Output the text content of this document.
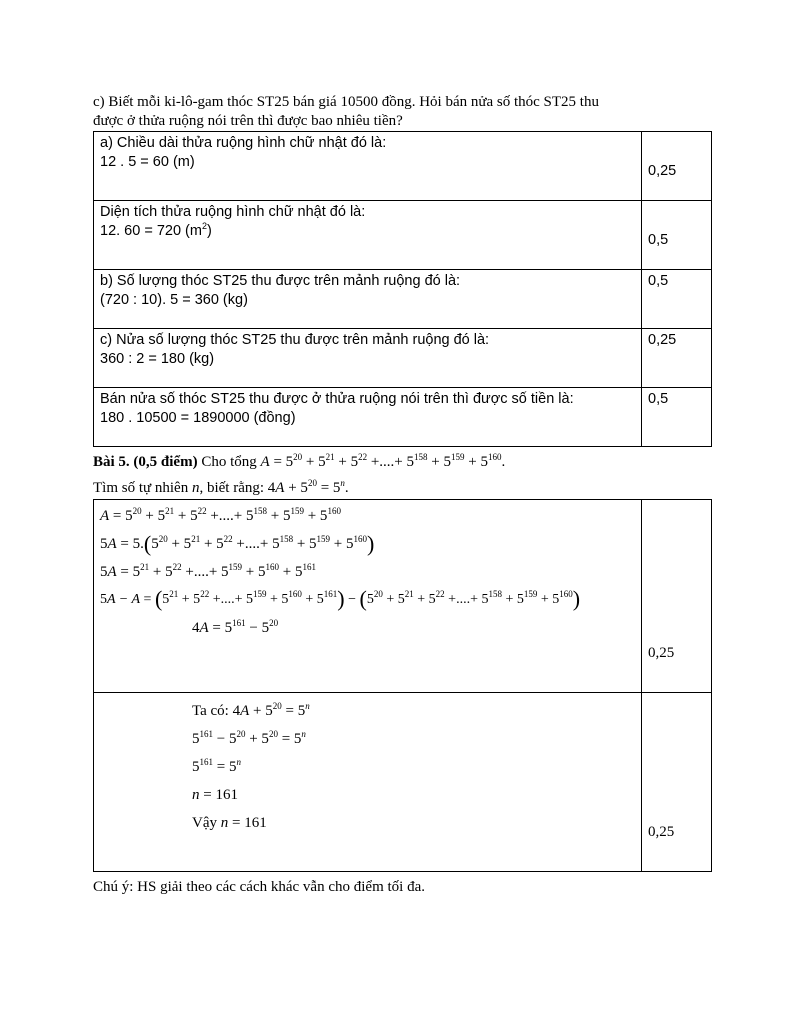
c) Biết mỗi ki-lô-gam thóc ST25 bán giá 10500 đồng. Hỏi bán nửa số thóc ST25 thu
được ở thửa ruộng nói trên thì được bao nhiêu tiền?

a) Chiều dài thửa ruộng hình chữ nhật đó là:
12 . 5 = 60 (m)	0,25

Diện tích thửa ruộng hình chữ nhật đó là:
12. 60 = 720 $(m^2)$	0,5

b) Số lượng thóc ST25 thu được trên mảnh ruộng đó là:
(720 : 10). 5 = 360 (kg)	0,5

c) Nửa số lượng thóc ST25 thu được trên mảnh ruộng đó là:
360 : 2 = 180 (kg)	0,25

Bán nửa số thóc ST25 thu được ở thửa ruộng nói trên thì được số tiền là:
180 . 10500 = 1890000 (đồng)	0,5

Bài 5. (0,5 điểm) Cho tổng $A = 5^{20} + 5^{21} + 5^{22}$ +....+ $5^{158} + 5^{159} + 5^{160}$.

Tìm số tự nhiên n, biết rằng: $4A + 5^{20} = 5^n$.

$A = 5^{20} + 5^{21} + 5^{22}$ +....+ $5^{158} + 5^{159} + 5^{160}$
$5A = 5.(5^{20} + 5^{21} + 5^{22}$ +....+ $5^{158} + 5^{159} + 5^{160}$)
$5A = 5^{21} + 5^{22}$ +....+ $5^{159} + 5^{160} + 5^{161}$
$5A - A = (5^{21} + 5^{22}$ +....+ $5^{159} + 5^{160} + 5^{161}) - (5^{20} + 5^{21} + 5^{22}$ +....+ $5^{158} + 5^{159} + 5^{160}$)
$4A = 5^{161} - 5^{20}$	0,25

Ta có: $4A + 5^{20} = 5^n$
$5^{161} - 5^{20} + 5^{20} = 5^n$
$5^{161} = 5^n$
n = 161
Vậy n = 161	0,25

Chú ý: HS giải theo các cách khác vẫn cho điểm tối đa.
